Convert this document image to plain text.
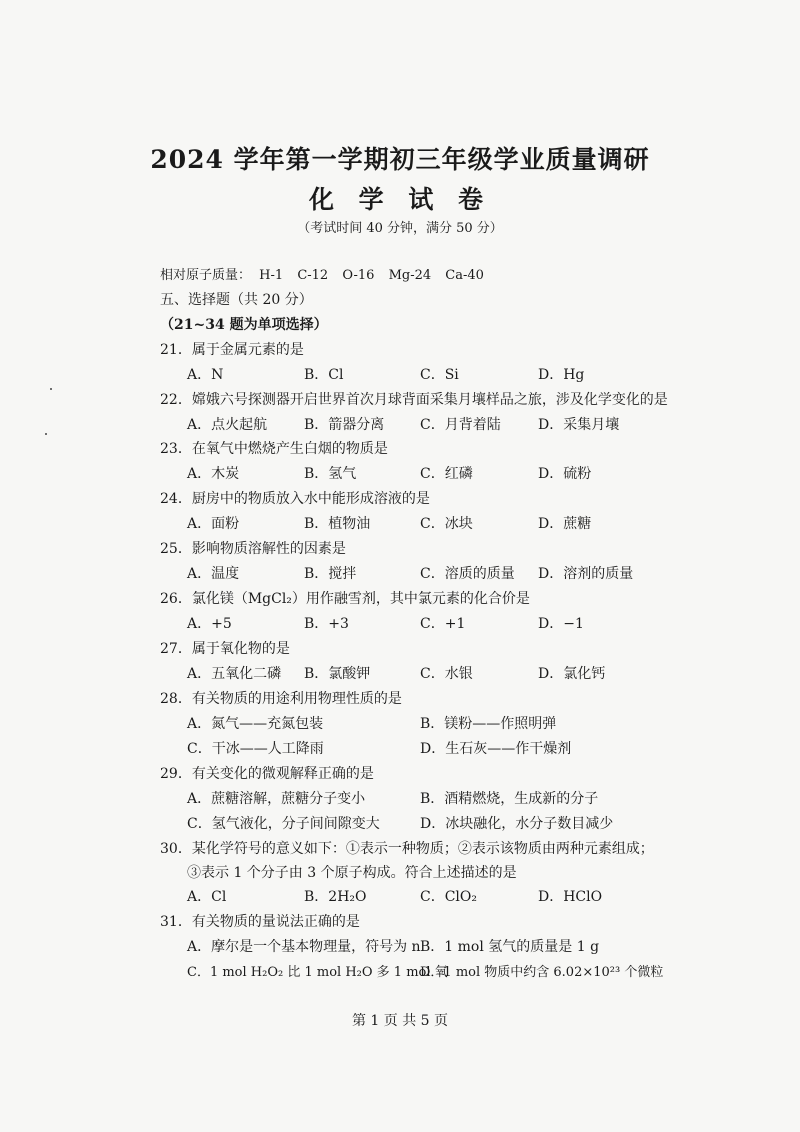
2024 学年第一学期初三年级学业质量调研
化 学 试 卷
（考试时间 40 分钟，满分 50 分）
相对原子质量： H-1 C-12 O-16 Mg-24 Ca-40
五、选择题（共 20 分）
（21~34 题为单项选择）
21．属于金属元素的是
A．N	B．Cl	C．Si	D．Hg
22．嫦娥六号探测器开启世界首次月球背面采集月壤样品之旅，涉及化学变化的是
A．点火起航	B．箭器分离	C．月背着陆	D．采集月壤
23．在氧气中燃烧产生白烟的物质是
A．木炭	B．氢气	C．红磷	D．硫粉
24．厨房中的物质放入水中能形成溶液的是
A．面粉	B．植物油	C．冰块	D．蔗糖
25．影响物质溶解性的因素是
A．温度	B．搅拌	C．溶质的质量 D．溶剂的质量
26．氯化镁（MgCl₂）用作融雪剂，其中氯元素的化合价是
A．+5	B．+3	C．+1	D．−1
27．属于氧化物的是
A．五氧化二磷 B．氯酸钾	C．水银	D．氯化钙
28．有关物质的用途利用物理性质的是
A．氮气——充氮包装	B．镁粉——作照明弹
C．干冰——人工降雨	D．生石灰——作干燥剂
29．有关变化的微观解释正确的是
A．蔗糖溶解，蔗糖分子变小	B．酒精燃烧，生成新的分子
C．氢气液化，分子间间隙变大	D．冰块融化，水分子数目减少
30．某化学符号的意义如下：①表示一种物质；②表示该物质由两种元素组成；
③表示 1 个分子由 3 个原子构成。符合上述描述的是
A．Cl	B．2H₂O	C．ClO₂	D．HClO
31．有关物质的量说法正确的是
A．摩尔是一个基本物理量，符号为 n B．1 mol 氢气的质量是 1 g
C．1 mol H₂O₂ 比 1 mol H₂O 多 1 mol 氧
D．1 mol 物质中约含 6.02×10²³ 个微粒
第 1 页 共 5 页
